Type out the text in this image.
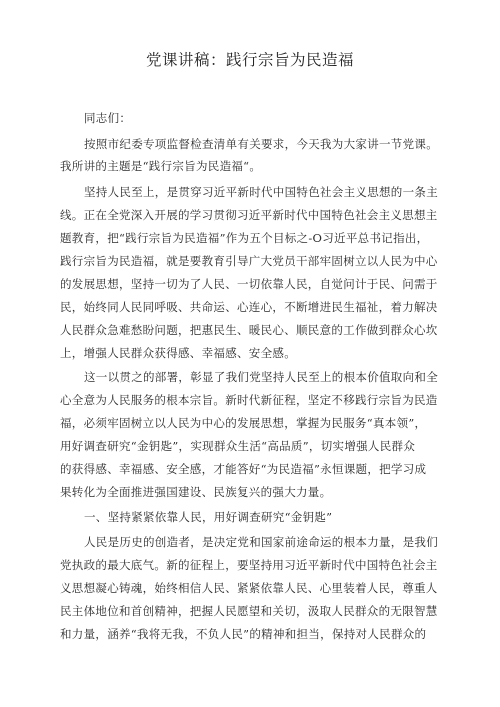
党课讲稿：践行宗旨为民造福
同志们：
按照市纪委专项监督检查清单有关要求，今天我为大家讲一节党课。
我所讲的主题是“践行宗旨为民造福“。
坚持人民至上，是贯穿习近平新时代中国特色社会主义思想的一条主
线。正在全党深入开展的学习贯彻习近平新时代中国特色社会主义思想主
题教育，把“践行宗旨为民造福”作为五个目标之-O习近平总书记指出，
践行宗旨为民造福，就是要教育引导广大党员干部牢固树立以人民为中心
的发展思想，坚持一切为了人民、一切依靠人民，自觉问计于民、问需于
民，始终同人民同呼吸、共命运、心连心，不断增进民生福祉，着力解决
人民群众急难愁盼问题，把惠民生、暖民心、顺民意的工作做到群众心坎
上，增强人民群众获得感、幸福感、安全感。
这一以贯之的部署，彰显了我们党坚持人民至上的根本价值取向和全
心全意为人民服务的根本宗旨。新时代新征程，坚定不移践行宗旨为民造
福，必须牢固树立以人民为中心的发展思想，掌握为民服务“真本领”，
用好调查研究“金钥匙”，实现群众生活“高品质”，切实增强人民群众
的获得感、幸福感、安全感，才能答好“为民造福”永恒课题，把学习成
果转化为全面推进强国建设、民族复兴的强大力量。
一、坚持紧紧依靠人民，用好调查研究“金钥匙”
人民是历史的创造者，是决定党和国家前途命运的根本力量，是我们
党执政的最大底气。新的征程上，要坚持用习近平新时代中国特色社会主
义思想凝心铸魂，始终相信人民、紧紧依靠人民、心里装着人民，尊重人
民主体地位和首创精神，把握人民愿望和关切，汲取人民群众的无限智慧
和力量，涵养“我将无我，不负人民”的精神和担当，保持对人民群众的
